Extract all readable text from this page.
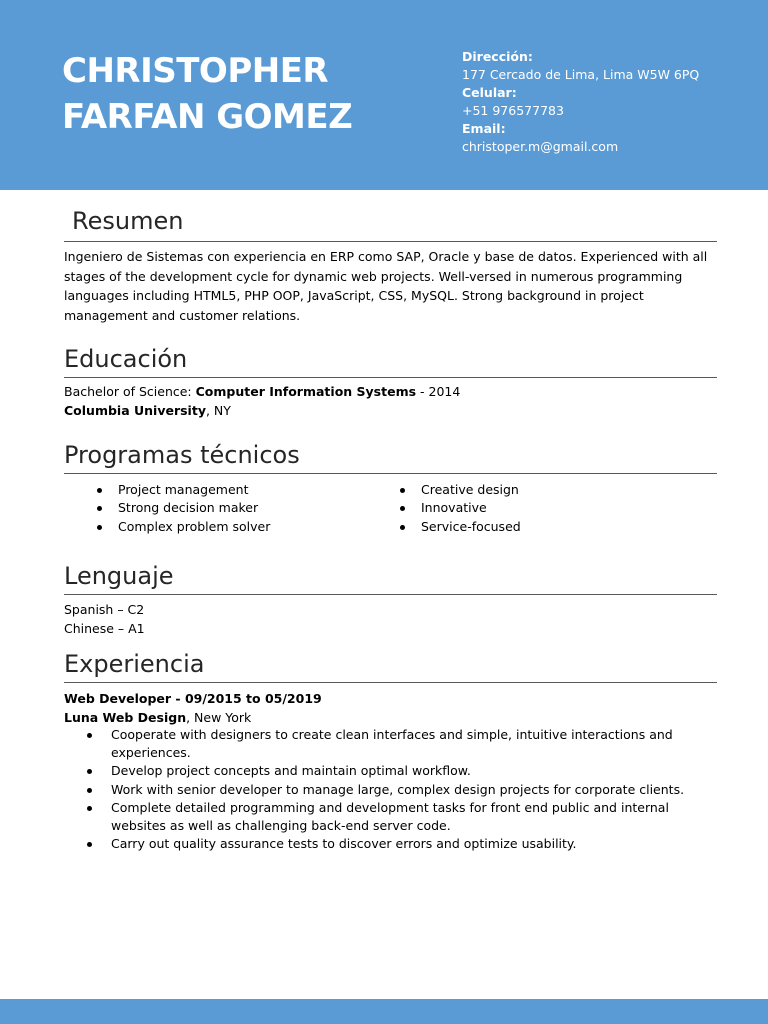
CHRISTOPHER
FARFAN GOMEZ
Dirección:
177 Cercado de Lima, Lima W5W 6PQ
Celular:
+51 976577783
Email:
christoper.m@gmail.com
Resumen
Ingeniero de Sistemas con experiencia en ERP como SAP, Oracle y base de datos. Experienced with all stages of the development cycle for dynamic web projects. Well-versed in numerous programming languages including HTML5, PHP OOP, JavaScript, CSS, MySQL. Strong background in project management and customer relations.
Educación
Bachelor of Science: Computer Information Systems - 2014
Columbia University, NY
Programas técnicos
Project management
Strong decision maker
Complex problem solver
Creative design
Innovative
Service-focused
Lenguaje
Spanish – C2
Chinese – A1
Experiencia
Web Developer - 09/2015 to 05/2019
Luna Web Design, New York
Cooperate with designers to create clean interfaces and simple, intuitive interactions and experiences.
Develop project concepts and maintain optimal workflow.
Work with senior developer to manage large, complex design projects for corporate clients.
Complete detailed programming and development tasks for front end public and internal websites as well as challenging back-end server code.
Carry out quality assurance tests to discover errors and optimize usability.
